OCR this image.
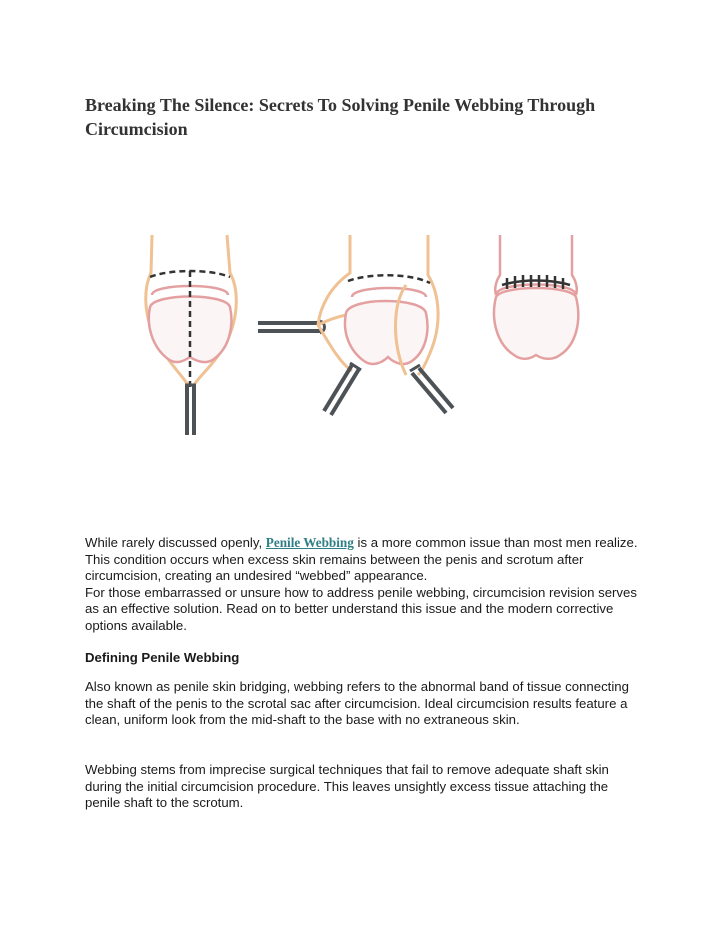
Breaking The Silence: Secrets To Solving Penile Webbing Through Circumcision

While rarely discussed openly, Penile Webbing is a more common issue than most men realize. This condition occurs when excess skin remains between the penis and scrotum after circumcision, creating an undesired “webbed” appearance.
For those embarrassed or unsure how to address penile webbing, circumcision revision serves as an effective solution. Read on to better understand this issue and the modern corrective options available.

Defining Penile Webbing

Also known as penile skin bridging, webbing refers to the abnormal band of tissue connecting the shaft of the penis to the scrotal sac after circumcision. Ideal circumcision results feature a clean, uniform look from the mid-shaft to the base with no extraneous skin.

Webbing stems from imprecise surgical techniques that fail to remove adequate shaft skin during the initial circumcision procedure. This leaves unsightly excess tissue attaching the penile shaft to the scrotum.
